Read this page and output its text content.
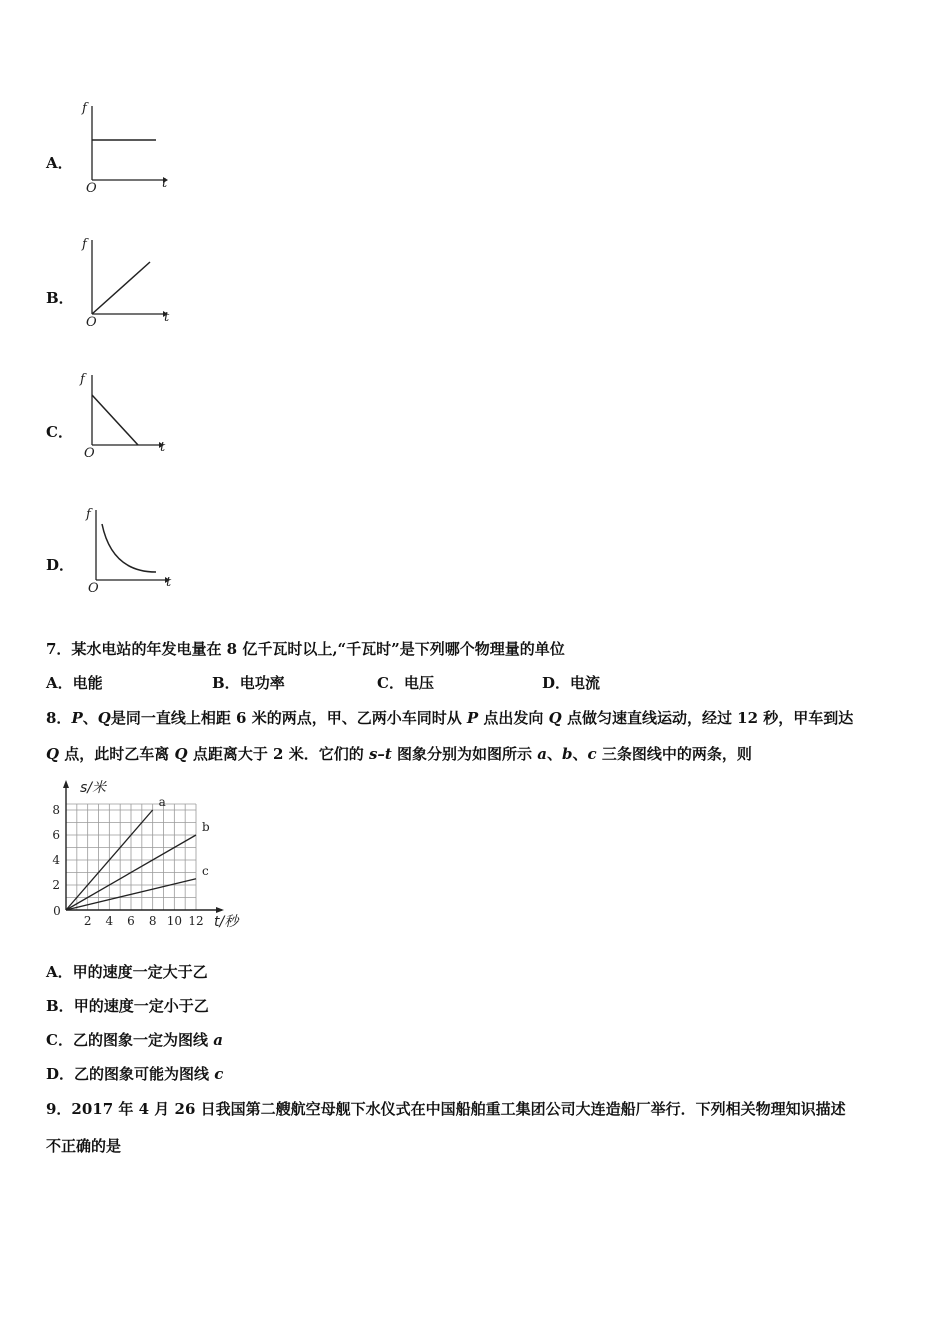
A．
f
t
O
B．
f
t
O
C．
f
t
O
D．
f
t
O
7．某水电站的年发电量在 8 亿千瓦时以上,“千瓦时”是下列哪个物理量的单位
A．电能	B．电功率	C．电压	D．电流
8．P、Q是同一直线上相距 6 米的两点，甲、乙两小车同时从 P 点出发向 Q 点做匀速直线运动，经过 12 秒，甲车到达
Q 点，此时乙车离 Q 点距离大于 2 米．它们的 s–t 图象分别为如图所示 a、b、c 三条图线中的两条，则
0
2 4 6 8 10 12
2
4
6
8
a
b
c
s/米
t/秒
A．甲的速度一定大于乙
B．甲的速度一定小于乙
C．乙的图象一定为图线 a
D．乙的图象可能为图线 c
9．2017 年 4 月 26 日我国第二艘航空母舰下水仪式在中国船舶重工集团公司大连造船厂举行．下列相关物理知识描述
不正确的是
